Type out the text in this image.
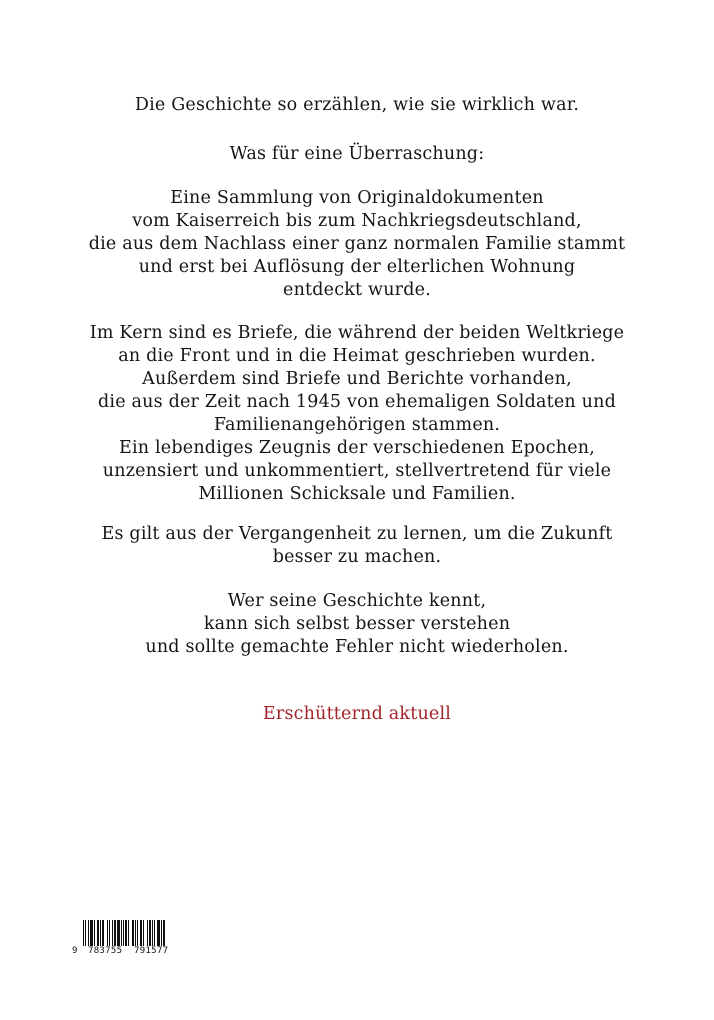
Die Geschichte so erzählen, wie sie wirklich war.
Was für eine Überraschung:
Eine Sammlung von Originaldokumenten
vom Kaiserreich bis zum Nachkriegsdeutschland,
die aus dem Nachlass einer ganz normalen Familie stammt
und erst bei Auflösung der elterlichen Wohnung
entdeckt wurde.
Im Kern sind es Briefe, die während der beiden Weltkriege
an die Front und in die Heimat geschrieben wurden.
Außerdem sind Briefe und Berichte vorhanden,
die aus der Zeit nach 1945 von ehemaligen Soldaten und
Familienangehörigen stammen.
Ein lebendiges Zeugnis der verschiedenen Epochen,
unzensiert und unkommentiert, stellvertretend für viele
Millionen Schicksale und Familien.
Es gilt aus der Vergangenheit zu lernen, um die Zukunft
besser zu machen.
Wer seine Geschichte kennt,
kann sich selbst besser verstehen
und sollte gemachte Fehler nicht wiederholen.
Erschütternd aktuell
9 783755 791577
